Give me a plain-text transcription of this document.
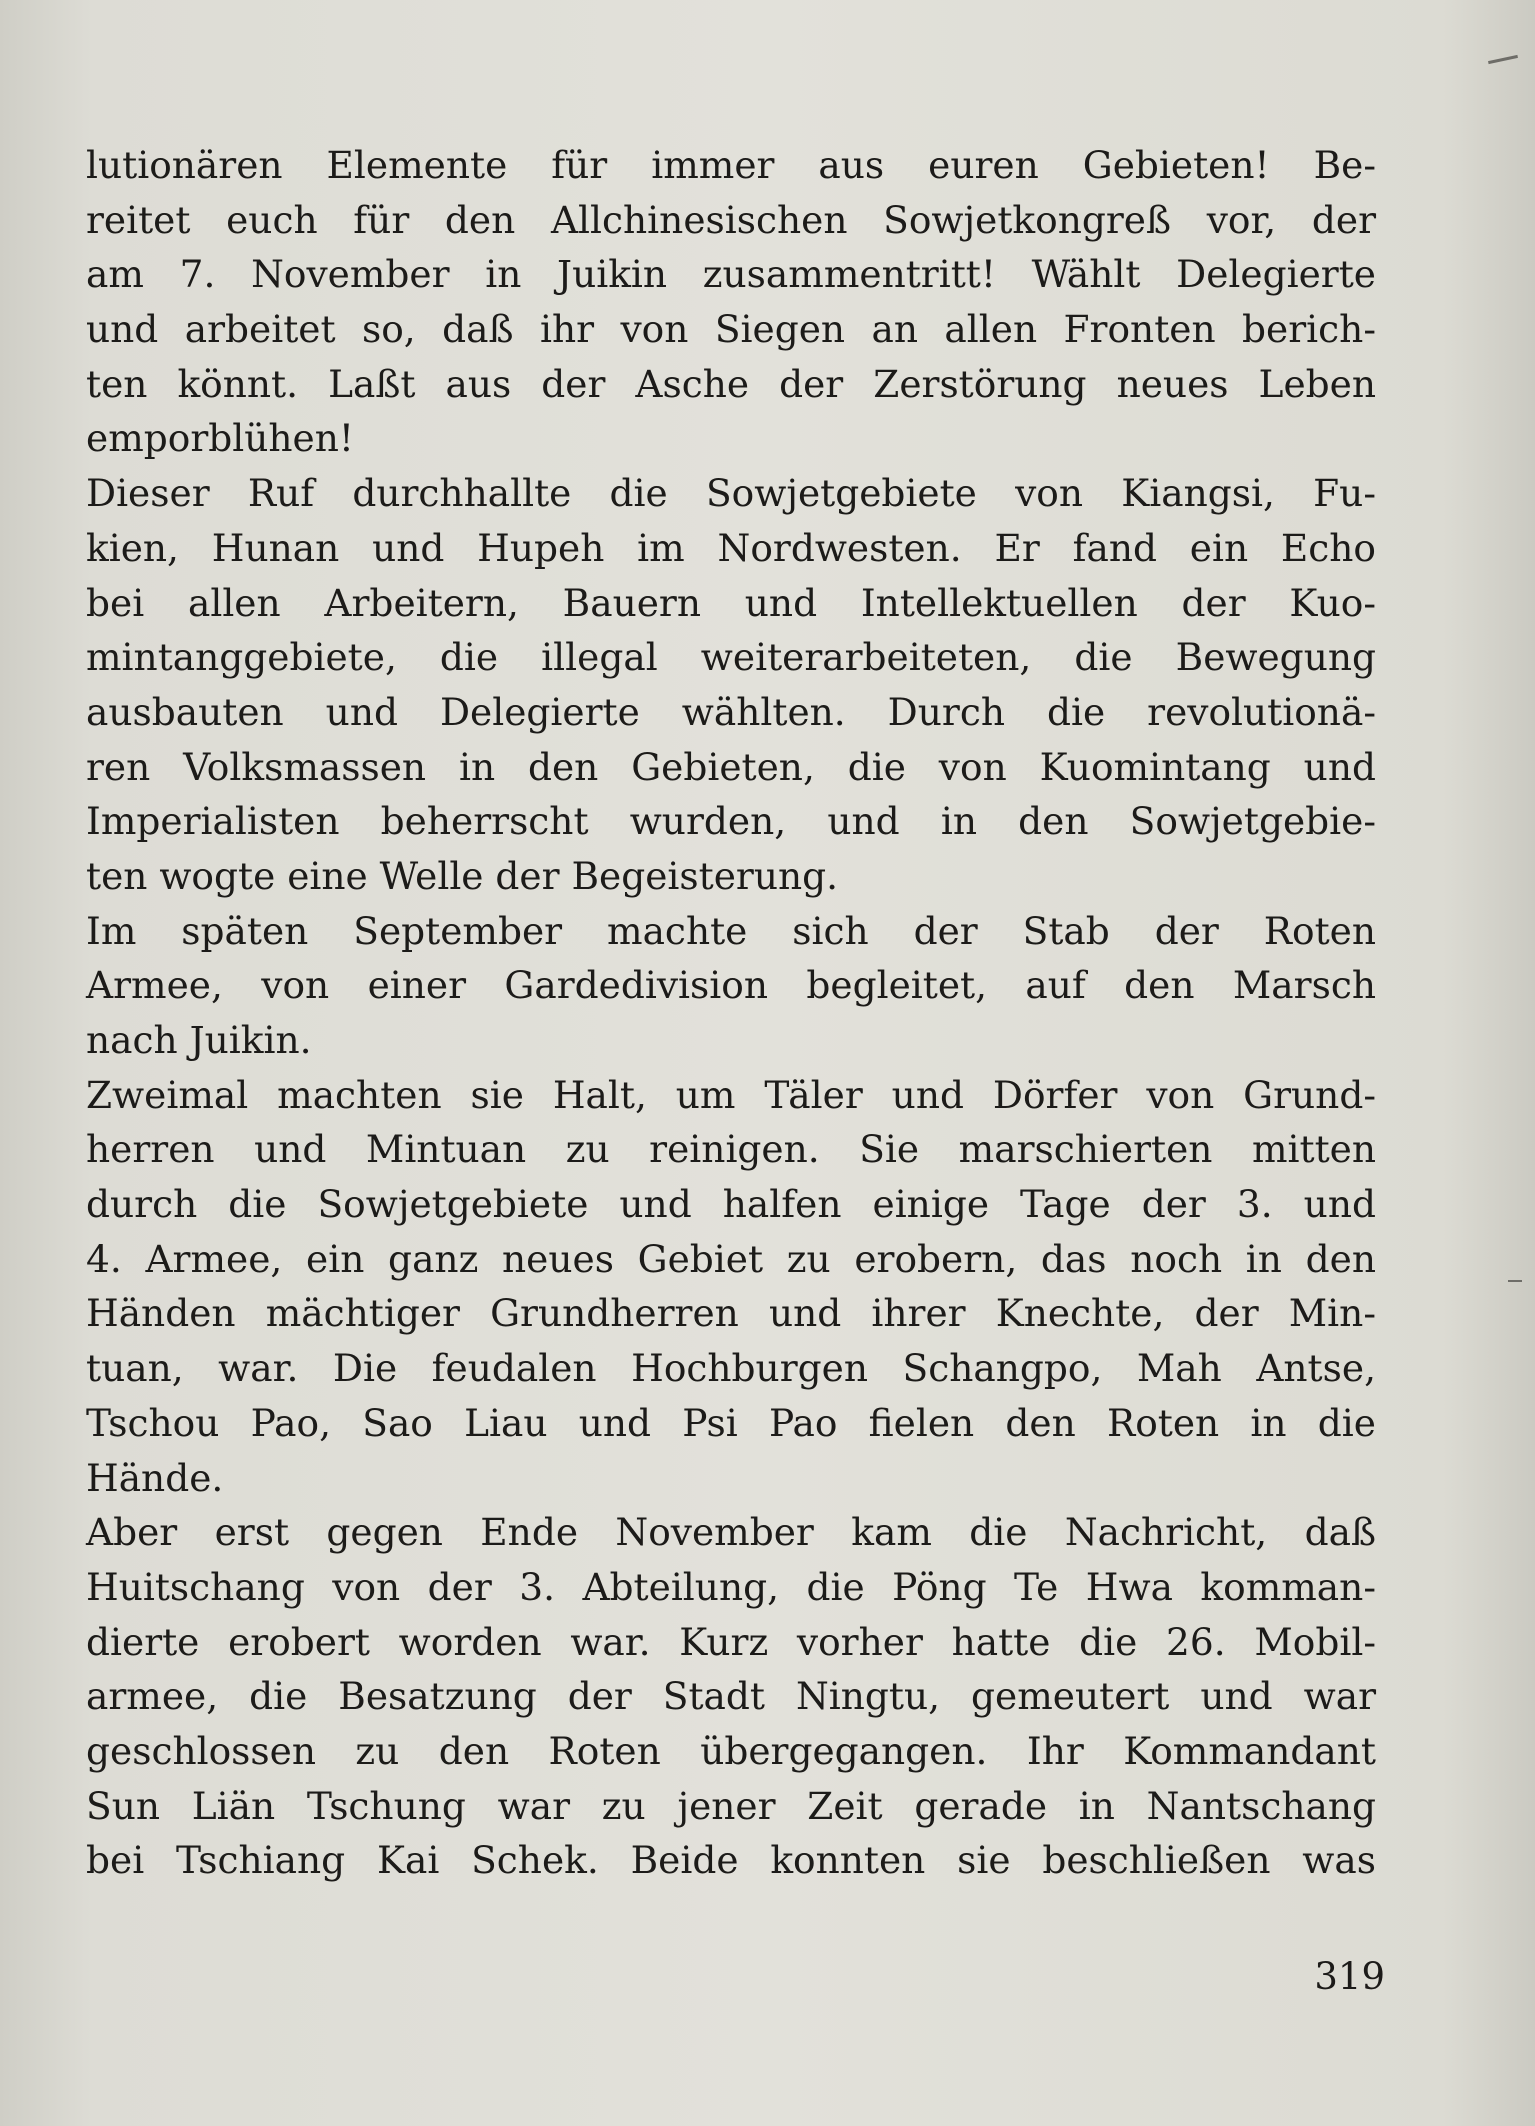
lutionären Elemente für immer aus euren Gebieten! Be-
reitet euch für den Allchinesischen Sowjetkongreß vor, der
am 7. November in Juikin zusammentritt! Wählt Delegierte
und arbeitet so, daß ihr von Siegen an allen Fronten berich-
ten könnt. Laßt aus der Asche der Zerstörung neues Leben
emporblühen!
Dieser Ruf durchhallte die Sowjetgebiete von Kiangsi, Fu-
kien, Hunan und Hupeh im Nordwesten. Er fand ein Echo
bei allen Arbeitern, Bauern und Intellektuellen der Kuo-
mintanggebiete, die illegal weiterarbeiteten, die Bewegung
ausbauten und Delegierte wählten. Durch die revolutionä-
ren Volksmassen in den Gebieten, die von Kuomintang und
Imperialisten beherrscht wurden, und in den Sowjetgebie-
ten wogte eine Welle der Begeisterung.
Im späten September machte sich der Stab der Roten
Armee, von einer Gardedivision begleitet, auf den Marsch
nach Juikin.
Zweimal machten sie Halt, um Täler und Dörfer von Grund-
herren und Mintuan zu reinigen. Sie marschierten mitten
durch die Sowjetgebiete und halfen einige Tage der 3. und
4. Armee, ein ganz neues Gebiet zu erobern, das noch in den
Händen mächtiger Grundherren und ihrer Knechte, der Min-
tuan, war. Die feudalen Hochburgen Schangpo, Mah Antse,
Tschou Pao, Sao Liau und Psi Pao fielen den Roten in die
Hände.
Aber erst gegen Ende November kam die Nachricht, daß
Huitschang von der 3. Abteilung, die Pöng Te Hwa komman-
dierte erobert worden war. Kurz vorher hatte die 26. Mobil-
armee, die Besatzung der Stadt Ningtu, gemeutert und war
geschlossen zu den Roten übergegangen. Ihr Kommandant
Sun Liän Tschung war zu jener Zeit gerade in Nantschang
bei Tschiang Kai Schek. Beide konnten sie beschließen was
319
